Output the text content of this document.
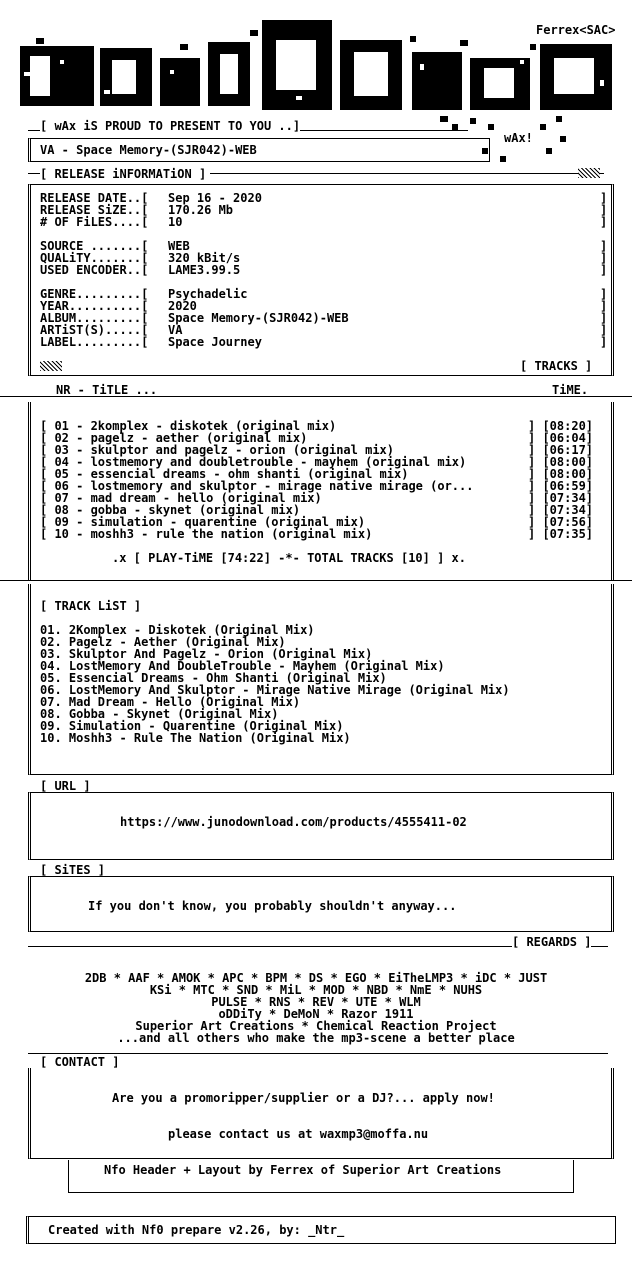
Ferrex<SAC>
wAx!
[ wAx iS PROUD TO PRESENT TO YOU ..]
VA - Space Memory-(SJR042)-WEB
[ RELEASE iNFORMATiON ]
RELEASE DATE..[ Sep 16 - 2020	]
RELEASE SiZE..[ 170.26 Mb	]
# OF FiLES....[ 10	]
SOURCE .......[ WEB	]
QUALiTY.......[ 320 kBit/s	]
USED ENCODER..[ LAME3.99.5	]
GENRE.........[ Psychadelic	]
YEAR..........[ 2020	]
ALBUM.........[ Space Memory-(SJR042)-WEB	]
ARTiST(S).....[ VA	]
LABEL.........[ Space Journey	]
[ TRACKS ]
NR - TiTLE ...	TiME.
[ 01 - 2komplex - diskotek (original mix)	] [08:20]
[ 02 - pagelz - aether (original mix)	] [06:04]
[ 03 - skulptor and pagelz - orion (original mix)	] [06:17]
[ 04 - lostmemory and doubletrouble - mayhem (original mix)	] [08:00]
[ 05 - essencial dreams - ohm shanti (original mix)	] [08:00]
[ 06 - lostmemory and skulptor - mirage native mirage (or...	] [06:59]
[ 07 - mad dream - hello (original mix)	] [07:34]
[ 08 - gobba - skynet (original mix)	] [07:34]
[ 09 - simulation - quarentine (original mix)	] [07:56]
[ 10 - moshh3 - rule the nation (original mix)	] [07:35]
.x [ PLAY-TiME [74:22] -*- TOTAL TRACKS [10] ] x.
[ TRACK LiST ]
01. 2Komplex - Diskotek (Original Mix)
02. Pagelz - Aether (Original Mix)
03. Skulptor And Pagelz - Orion (Original Mix)
04. LostMemory And DoubleTrouble - Mayhem (Original Mix)
05. Essencial Dreams - Ohm Shanti (Original Mix)
06. LostMemory And Skulptor - Mirage Native Mirage (Original Mix)
07. Mad Dream - Hello (Original Mix)
08. Gobba - Skynet (Original Mix)
09. Simulation - Quarentine (Original Mix)
10. Moshh3 - Rule The Nation (Original Mix)
[ URL ]
https://www.junodownload.com/products/4555411-02
[ SiTES ]
If you don't know, you probably shouldn't anyway...
[ REGARDS ]
2DB * AAF * AMOK * APC * BPM * DS * EGO * EiTheLMP3 * iDC * JUST
KSi * MTC * SND * MiL * MOD * NBD * NmE * NUHS
PULSE * RNS * REV * UTE * WLM
oDDiTy * DeMoN * Razor 1911
Superior Art Creations * Chemical Reaction Project
...and all others who make the mp3-scene a better place
[ CONTACT ]
Are you a promoripper/supplier or a DJ?... apply now!
please contact us at waxmp3@moffa.nu
Nfo Header + Layout by Ferrex of Superior Art Creations
Created with Nf0 prepare v2.26, by: _Ntr_
